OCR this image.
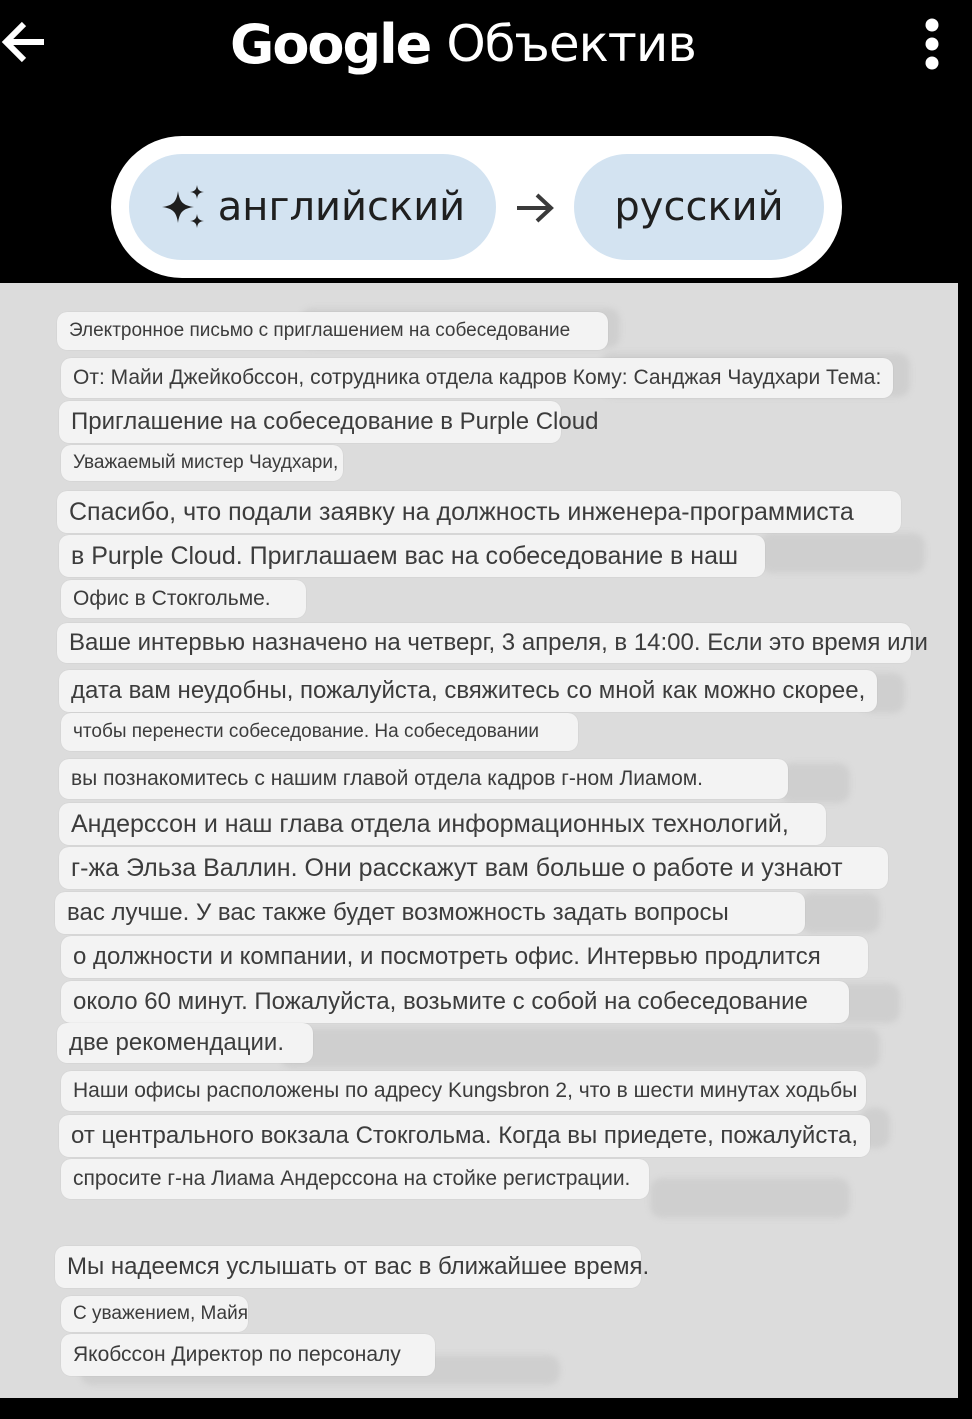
Google Объектив
английский	русский
Электронное письмо с приглашением на собеседование
От: Майи Джейкобссон, сотрудника отдела кадров Кому: Санджая Чаудхари Тема:
Приглашение на собеседование в Purple Cloud
Уважаемый мистер Чаудхари,
Спасибо, что подали заявку на должность инженера-программиста
в Purple Cloud. Приглашаем вас на собеседование в наш
Офис в Стокгольме.
Ваше интервью назначено на четверг, 3 апреля, в 14:00. Если это время или
дата вам неудобны, пожалуйста, свяжитесь со мной как можно скорее,
чтобы перенести собеседование. На собеседовании
вы познакомитесь с нашим главой отдела кадров г-ном Лиамом.
Андерссон и наш глава отдела информационных технологий,
г-жа Эльза Валлин. Они расскажут вам больше о работе и узнают
вас лучше. У вас также будет возможность задать вопросы
о должности и компании, и посмотреть офис. Интервью продлится
около 60 минут. Пожалуйста, возьмите с собой на собеседование
две рекомендации.
Наши офисы расположены по адресу Kungsbron 2, что в шести минутах ходьбы
от центрального вокзала Стокгольма. Когда вы приедете, пожалуйста,
спросите г-на Лиама Андерссона на стойке регистрации.
Мы надеемся услышать от вас в ближайшее время.
С уважением, Майя
Якобссон Директор по персоналу
